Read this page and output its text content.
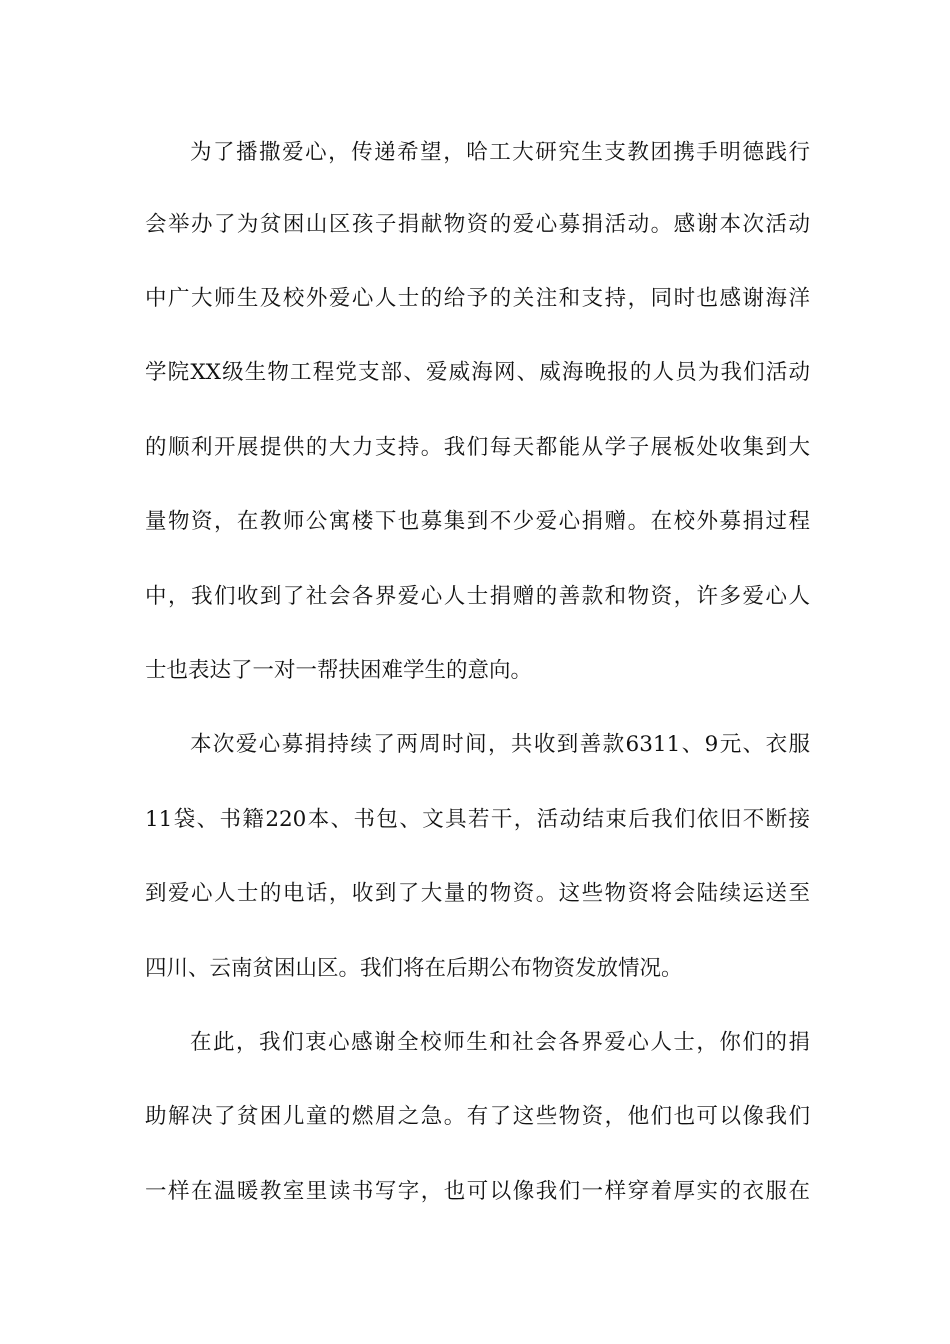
为了播撒爱心，传递希望，哈工大研究生支教团携手明德践行
会举办了为贫困山区孩子捐献物资的爱心募捐活动。感谢本次活动
中广大师生及校外爱心人士的给予的关注和支持，同时也感谢海洋
学院XX级生物工程党支部、爱威海网、威海晚报的人员为我们活动
的顺利开展提供的大力支持。我们每天都能从学子展板处收集到大
量物资，在教师公寓楼下也募集到不少爱心捐赠。在校外募捐过程
中，我们收到了社会各界爱心人士捐赠的善款和物资，许多爱心人
士也表达了一对一帮扶困难学生的意向。
本次爱心募捐持续了两周时间，共收到善款6311、9元、衣服
11袋、书籍220本、书包、文具若干，活动结束后我们依旧不断接
到爱心人士的电话，收到了大量的物资。这些物资将会陆续运送至
四川、云南贫困山区。我们将在后期公布物资发放情况。
在此，我们衷心感谢全校师生和社会各界爱心人士，你们的捐
助解决了贫困儿童的燃眉之急。有了这些物资，他们也可以像我们
一样在温暖教室里读书写字，也可以像我们一样穿着厚实的衣服在
